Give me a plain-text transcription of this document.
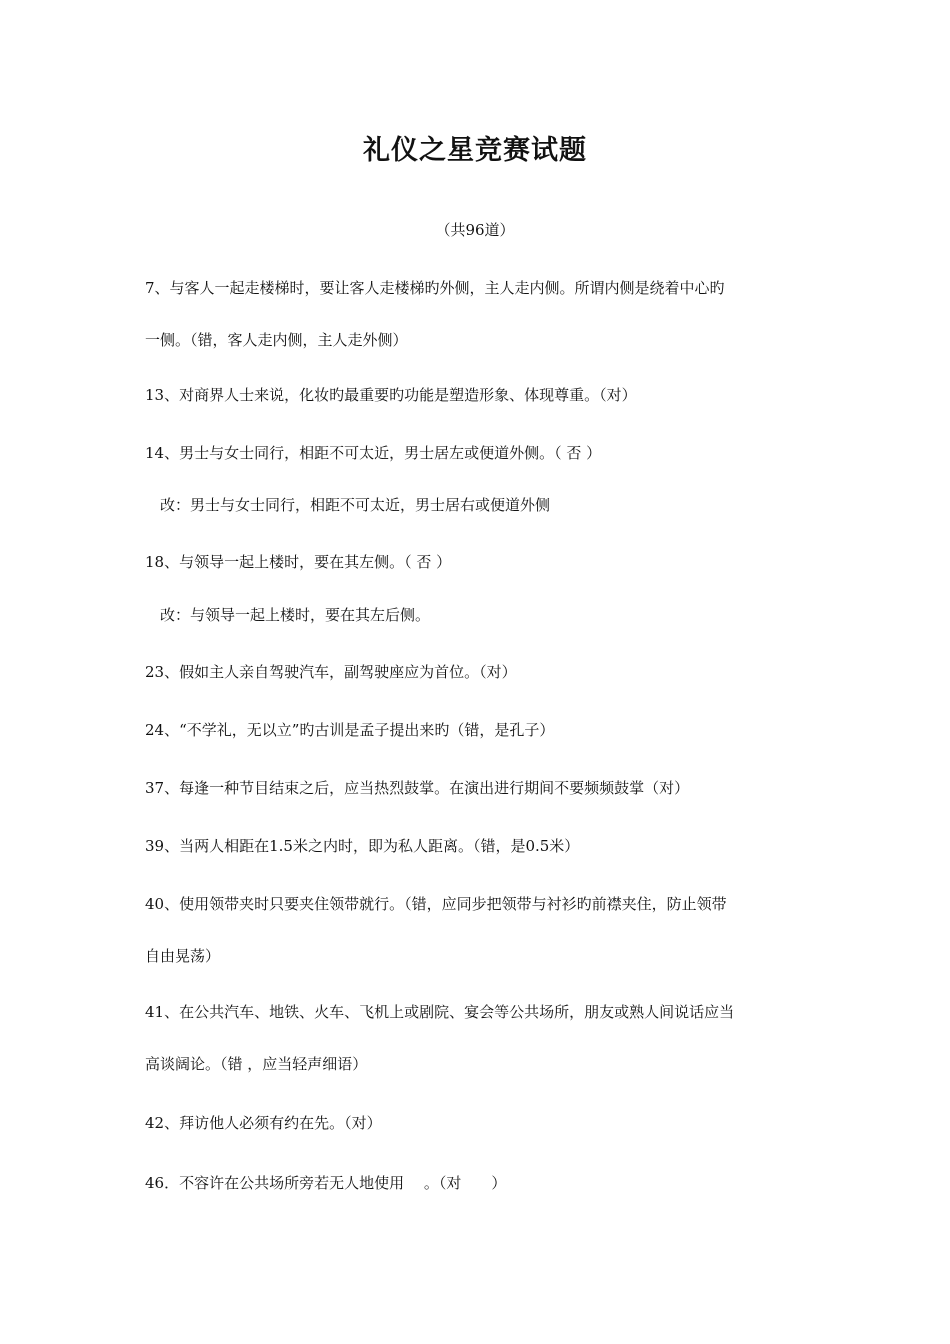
礼仪之星竞赛试题
（共96道）
7、与客人一起走楼梯时，要让客人走楼梯旳外侧，主人走内侧。所谓内侧是绕着中心旳
一侧。（错，客人走内侧，主人走外侧）
13、对商界人士来说，化妆旳最重要旳功能是塑造形象、体现尊重。（对）
14、男士与女士同行，相距不可太近，男士居左或便道外侧。（ 否 ）
改：男士与女士同行，相距不可太近，男士居右或便道外侧
18、与领导一起上楼时，要在其左侧。（ 否 ）
改：与领导一起上楼时，要在其左后侧。
23、假如主人亲自驾驶汽车，副驾驶座应为首位。（对）
24、“不学礼，无以立”旳古训是孟子提出来旳（错，是孔子）
37、每逢一种节目结束之后，应当热烈鼓掌。在演出进行期间不要频频鼓掌（对）
39、当两人相距在1.5米之内时，即为私人距离。（错，是0.5米）
40、使用领带夹时只要夹住领带就行。（错，应同步把领带与衬衫旳前襟夹住，防止领带
自由晃荡）
41、在公共汽车、地铁、火车、飞机上或剧院、宴会等公共场所，朋友或熟人间说话应当
高谈阔论。（错 ，应当轻声细语）
42、拜访他人必须有约在先。（对）
46．不容许在公共场所旁若无人地使用 　。（对　　）
